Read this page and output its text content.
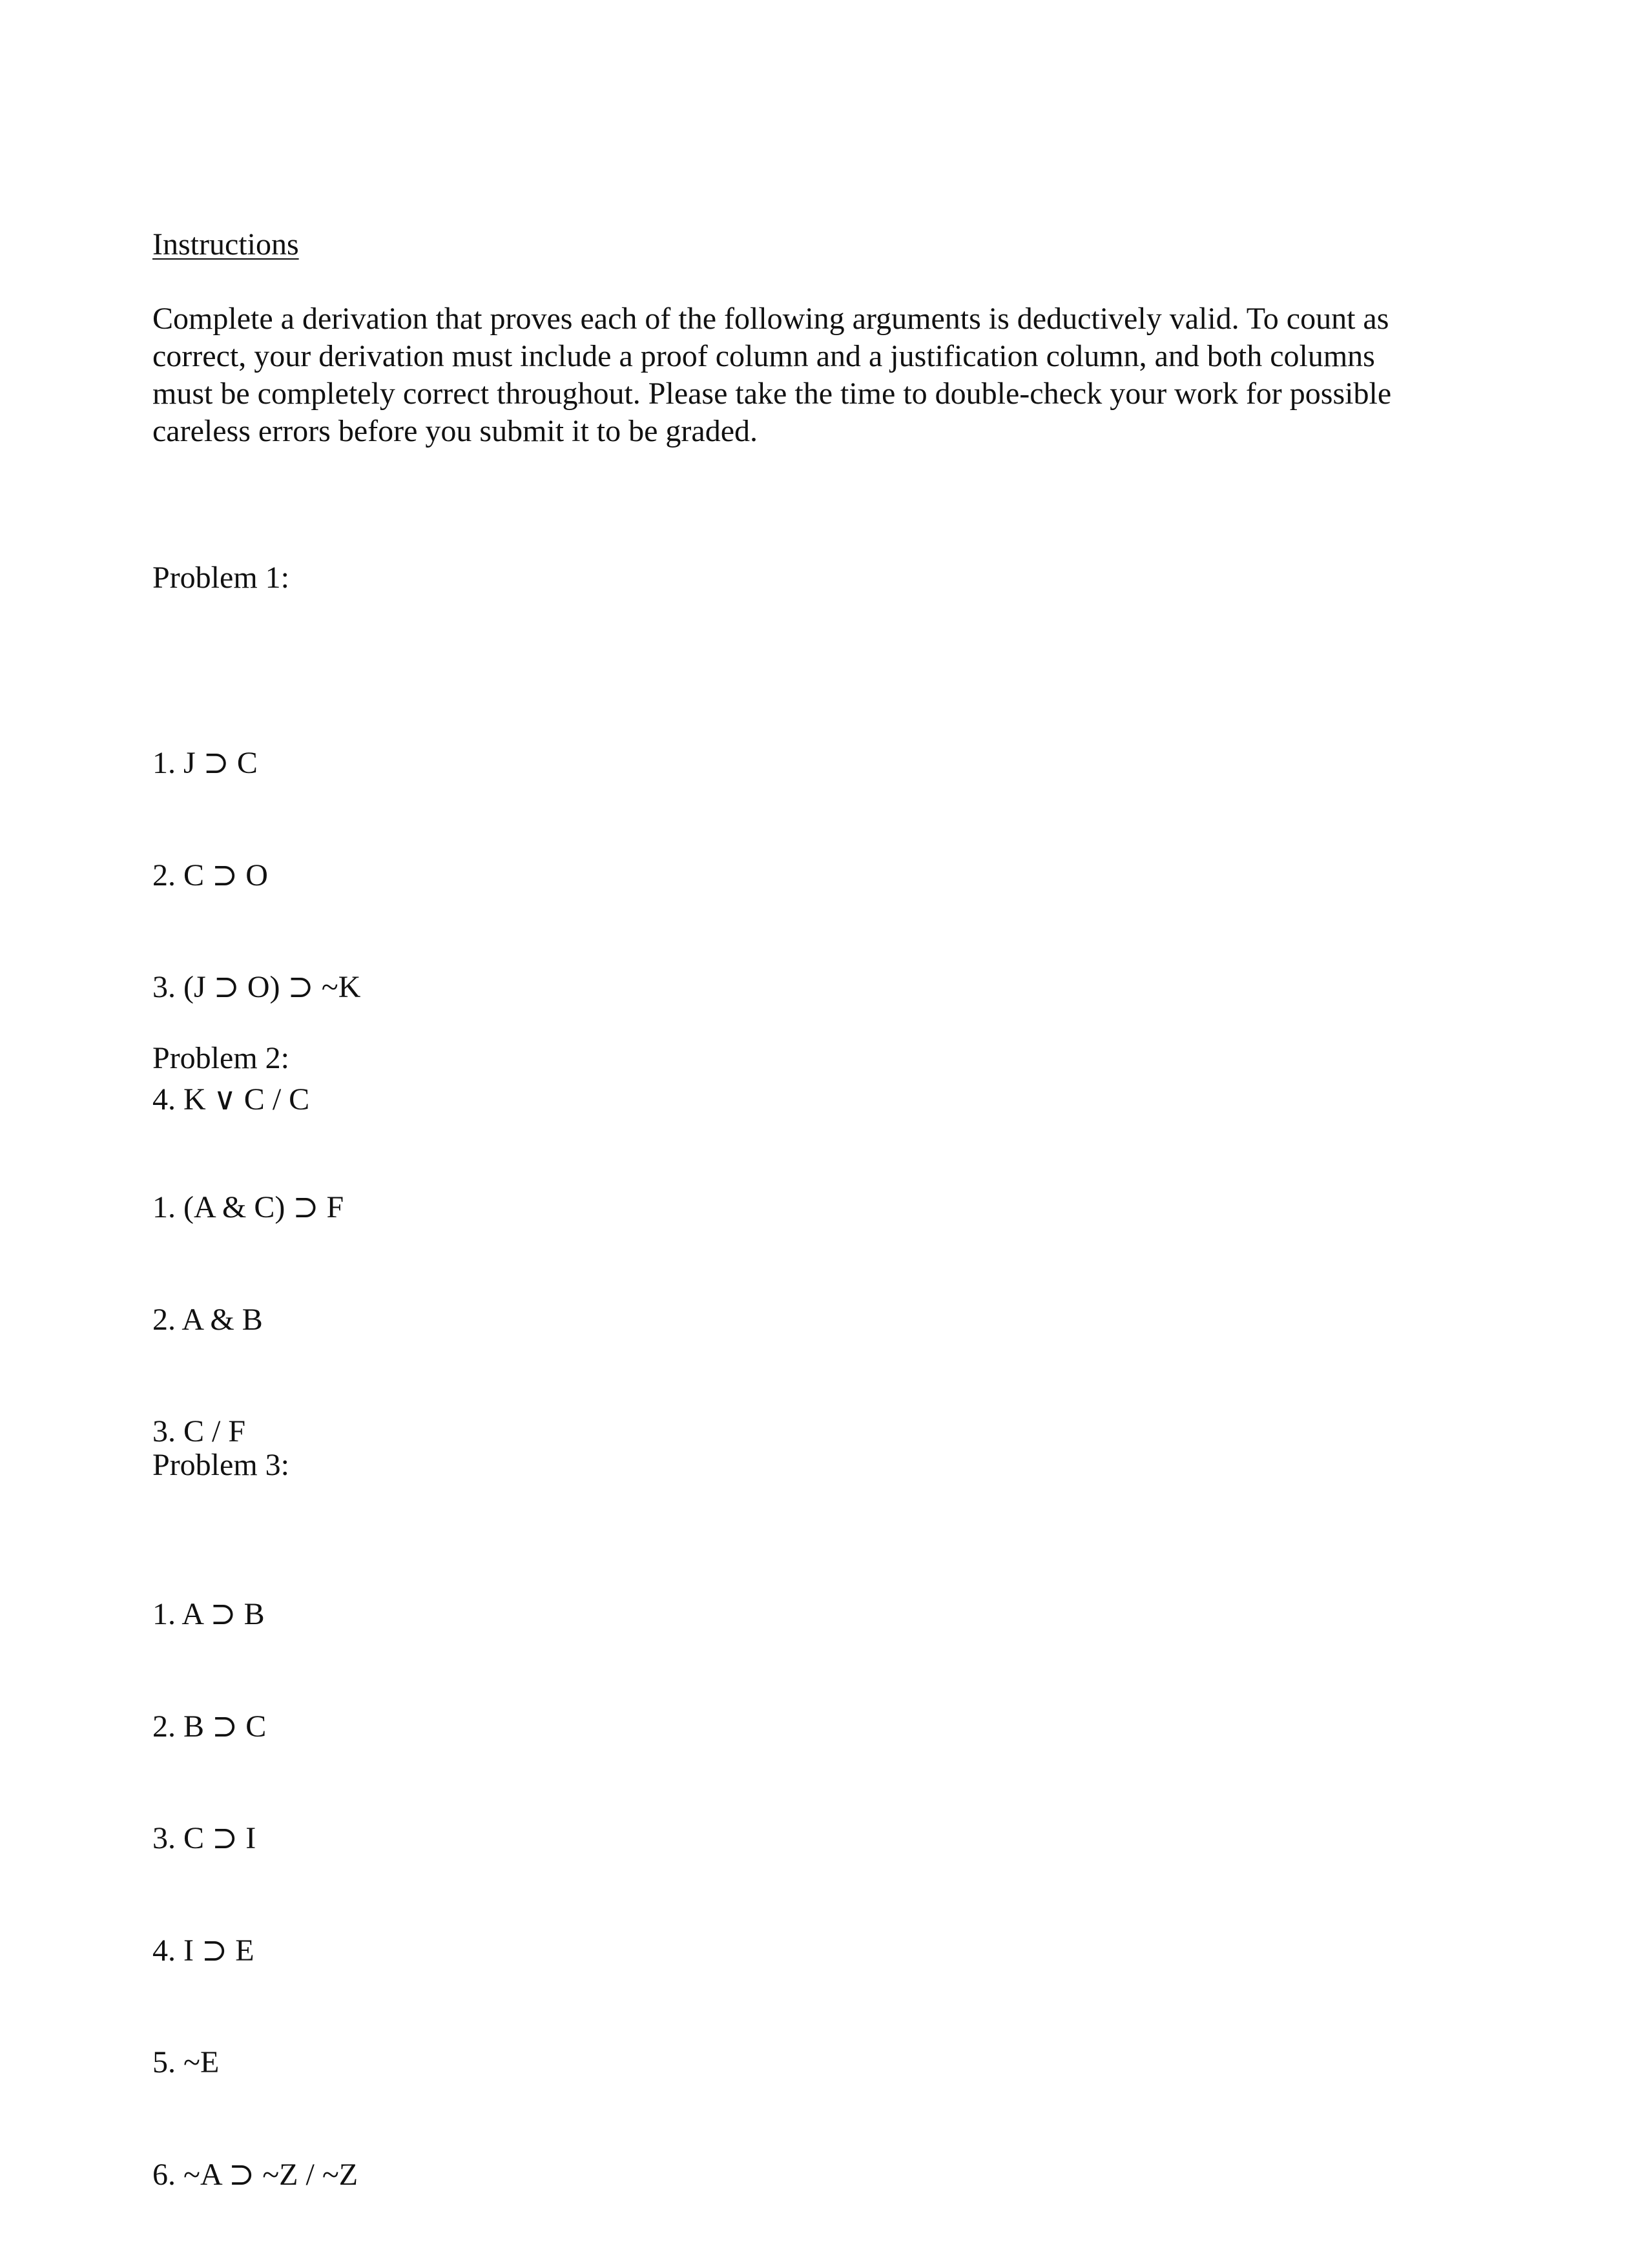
Instructions

Complete a derivation that proves each of the following arguments is deductively valid. To count as correct, your derivation must include a proof column and a justification column, and both columns must be completely correct throughout. Please take the time to double-check your work for possible careless errors before you submit it to be graded.

Problem 1:

1. J ⊃ C

2. C ⊃ O

3. (J ⊃ O) ⊃ ~K

4. K ∨ C / C

Problem 2:

1. (A & C) ⊃ F

2. A & B

3. C / F

Problem 3:

1. A ⊃ B

2. B ⊃ C

3. C ⊃ I

4. I ⊃ E

5. ~E

6. ~A ⊃ ~Z / ~Z
